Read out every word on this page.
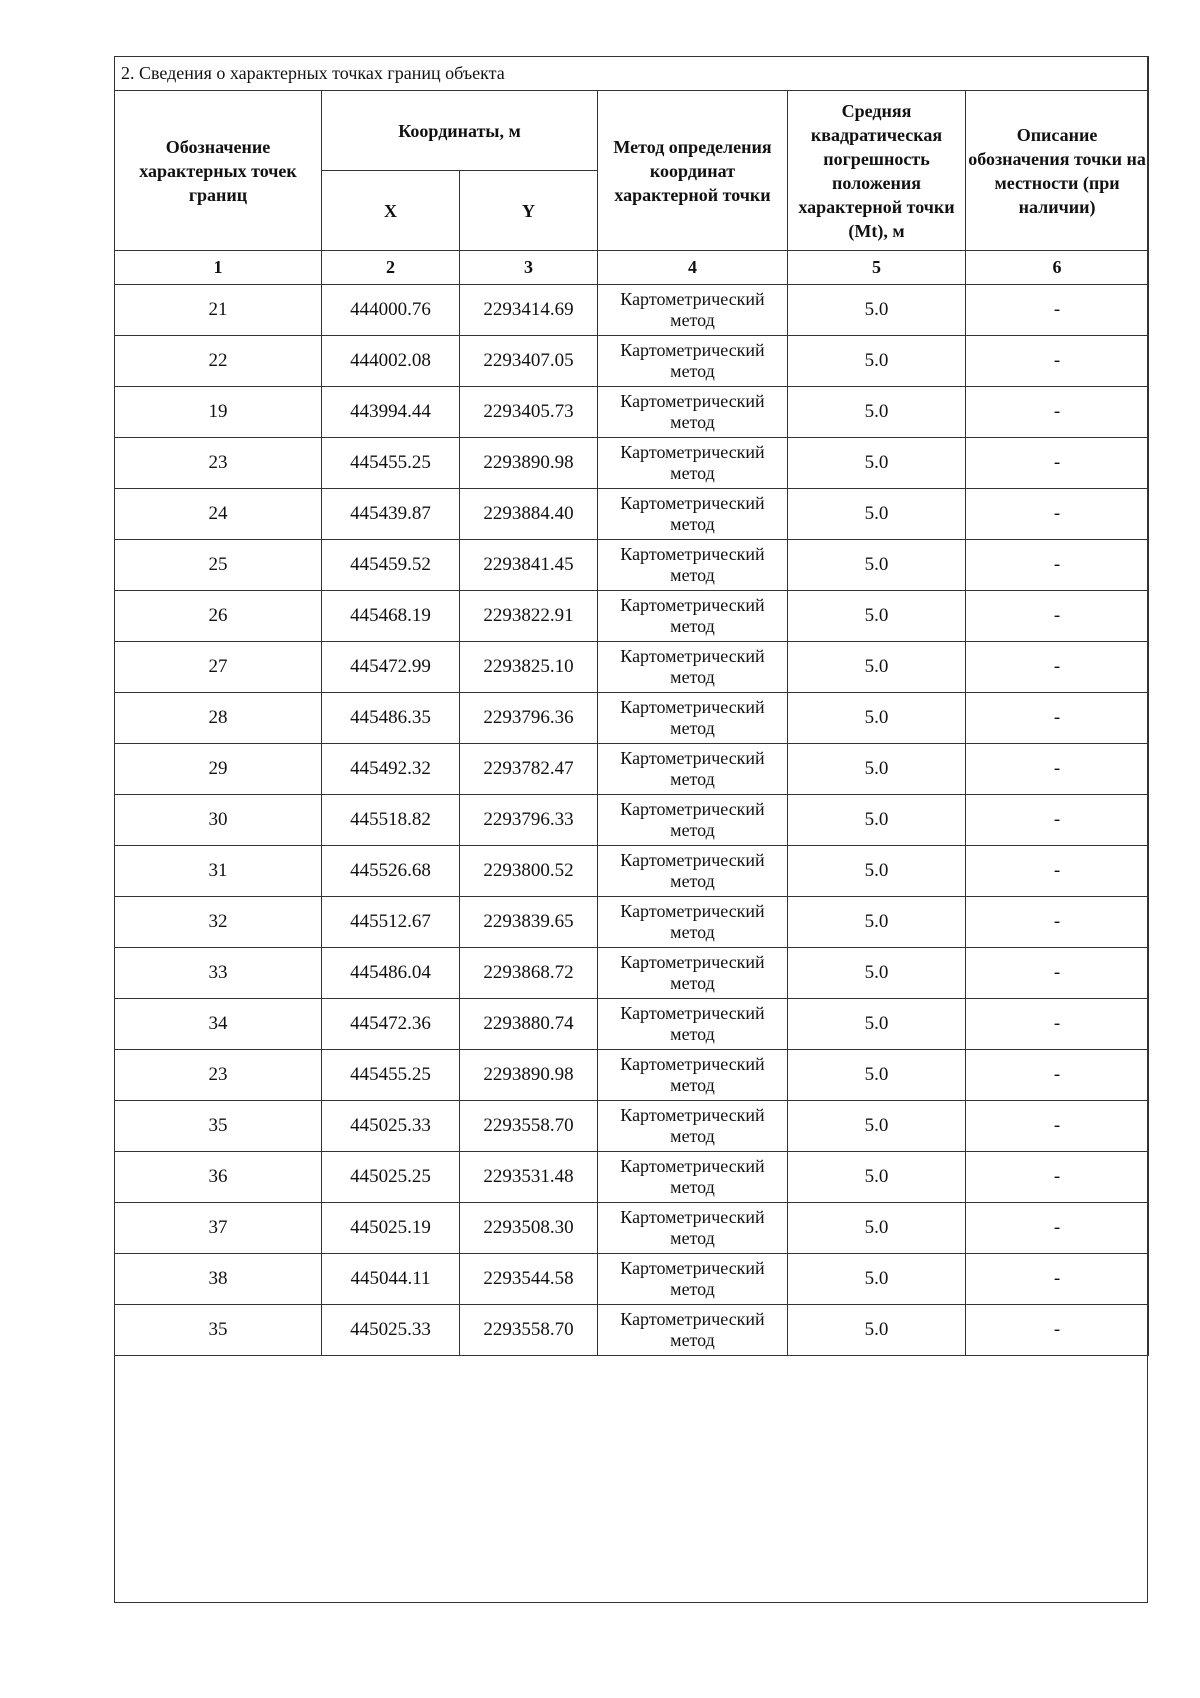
2. Сведения о характерных точках границ объекта					
Обозначение характерных точек границ	Координаты, м		Метод определения координат характерной точки	Средняя квадратическая погрешность положения характерной точки (Mt), м	Описание обозначения точки на местности (при наличии)
	X	Y			
1	2	3	4	5	6
21	444000.76	2293414.69	Картометрический метод	5.0	-
22	444002.08	2293407.05	Картометрический метод	5.0	-
19	443994.44	2293405.73	Картометрический метод	5.0	-
23	445455.25	2293890.98	Картометрический метод	5.0	-
24	445439.87	2293884.40	Картометрический метод	5.0	-
25	445459.52	2293841.45	Картометрический метод	5.0	-
26	445468.19	2293822.91	Картометрический метод	5.0	-
27	445472.99	2293825.10	Картометрический метод	5.0	-
28	445486.35	2293796.36	Картометрический метод	5.0	-
29	445492.32	2293782.47	Картометрический метод	5.0	-
30	445518.82	2293796.33	Картометрический метод	5.0	-
31	445526.68	2293800.52	Картометрический метод	5.0	-
32	445512.67	2293839.65	Картометрический метод	5.0	-
33	445486.04	2293868.72	Картометрический метод	5.0	-
34	445472.36	2293880.74	Картометрический метод	5.0	-
23	445455.25	2293890.98	Картометрический метод	5.0	-
35	445025.33	2293558.70	Картометрический метод	5.0	-
36	445025.25	2293531.48	Картометрический метод	5.0	-
37	445025.19	2293508.30	Картометрический метод	5.0	-
38	445044.11	2293544.58	Картометрический метод	5.0	-
35	445025.33	2293558.70	Картометрический метод	5.0	-
